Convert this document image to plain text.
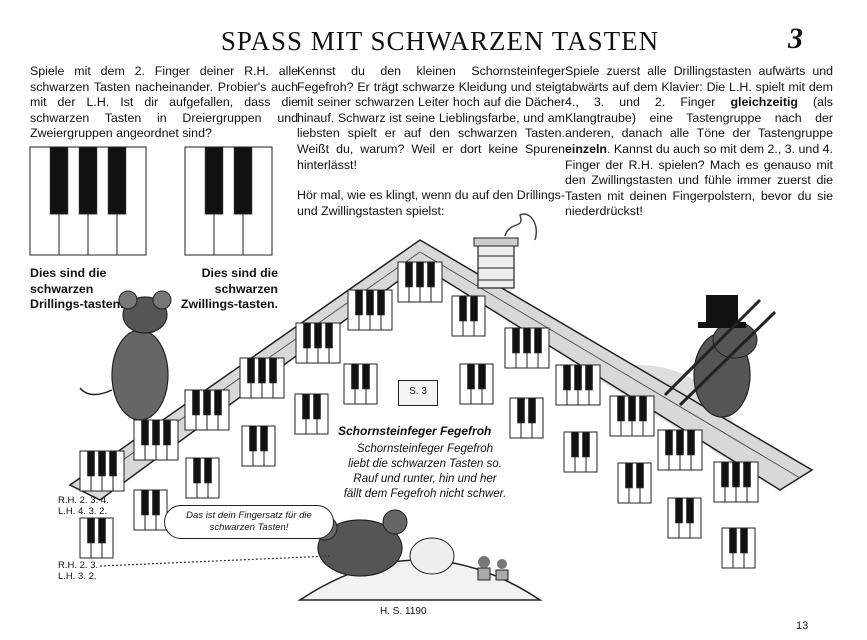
SPASS MIT SCHWARZEN TASTEN	3

Spiele mit dem 2. Finger deiner R.H. alle schwarzen Tasten nacheinander. Probier's auch mit der L.H. Ist dir aufgefallen, dass die schwarzen Tasten in Dreiergruppen und Zweiergruppen angeordnet sind?

Kennst du den kleinen Schornsteinfeger Fegefroh? Er trägt schwarze Kleidung und steigt mit seiner schwarzen Leiter hoch auf die Dächer hinauf. Schwarz ist seine Lieblingsfarbe, und am liebsten spielt er auf den schwarzen Tasten. Weißt du, warum? Weil er dort keine Spuren hinterlässt!

Hör mal, wie es klingt, wenn du auf den Drillings- und Zwillingstasten spielst:

Spiele zuerst alle Drillingstasten aufwärts und abwärts auf dem Klavier: Die L.H. spielt mit dem 4., 3. und 2. Finger gleichzeitig (als Klangtraube) eine Tastengruppe nach der anderen, danach alle Töne der Tastengruppe einzeln. Kannst du auch so mit dem 2., 3. und 4. Finger der R.H. spielen? Mach es genauso mit den Zwillingstasten und fühle immer zuerst die Tasten mit deinen Fingerpolstern, bevor du sie niederdrückst!

S. 3
Dies sind die schwarzen Drillings-tasten.
Dies sind die schwarzen Zwillings-tasten.
R.H. 2. 3. 4.
L.H. 4. 3. 2.
R.H. 2. 3.
L.H. 3. 2.
Schornsteinfeger Fegefroh
Schornsteinfeger Fegefroh
liebt die schwarzen Tasten so.
Rauf und runter, hin und her
fällt dem Fegefroh nicht schwer.
Das ist dein Fingersatz für die schwarzen Tasten!
H. S. 1190
13
